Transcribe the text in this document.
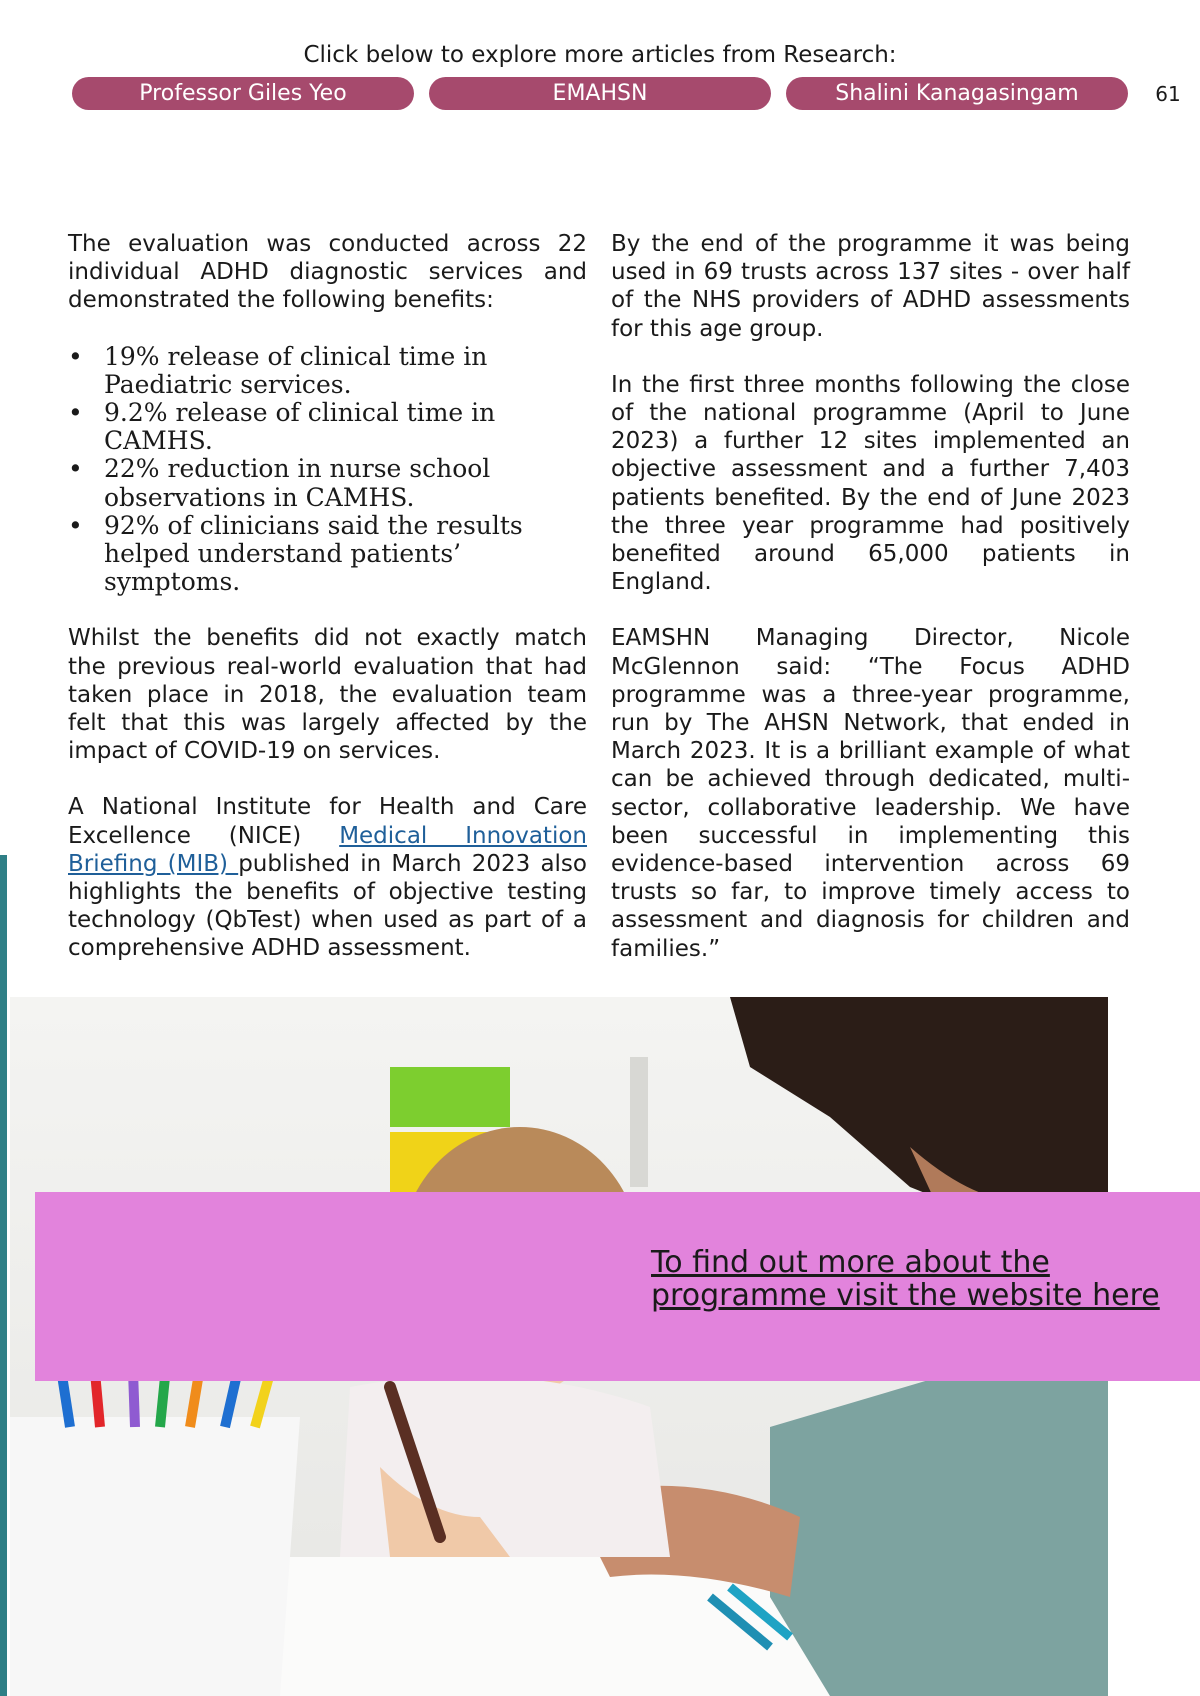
Click below to explore more articles from Research:
Professor Giles Yeo	EMAHSN	Shalini Kanagasingam	61

The evaluation was conducted across 22 individual ADHD diagnostic services and demonstrated the following benefits:

• 19% release of clinical time in Paediatric services.
• 9.2% release of clinical time in CAMHS.
• 22% reduction in nurse school observations in CAMHS.
• 92% of clinicians said the results helped understand patients’ symptoms.

Whilst the benefits did not exactly match the previous real-world evaluation that had taken place in 2018, the evaluation team felt that this was largely affected by the impact of COVID-19 on services.

A National Institute for Health and Care Excellence (NICE) Medical Innovation Briefing (MIB) published in March 2023 also highlights the benefits of objective testing technology (QbTest) when used as part of a comprehensive ADHD assessment.

By the end of the programme it was being used in 69 trusts across 137 sites - over half of the NHS providers of ADHD assessments for this age group.

In the first three months following the close of the national programme (April to June 2023) a further 12 sites implemented an objective assessment and a further 7,403 patients benefited. By the end of June 2023 the three year programme had positively benefited around 65,000 patients in England.

EAMSHN Managing Director, Nicole McGlennon said: “The Focus ADHD programme was a three-year programme, run by The AHSN Network, that ended in March 2023. It is a brilliant example of what can be achieved through dedicated, multi-sector, collaborative leadership. We have been successful in implementing this evidence-based intervention across 69 trusts so far, to improve timely access to assessment and diagnosis for children and families.”

To find out more about the programme visit the website here
